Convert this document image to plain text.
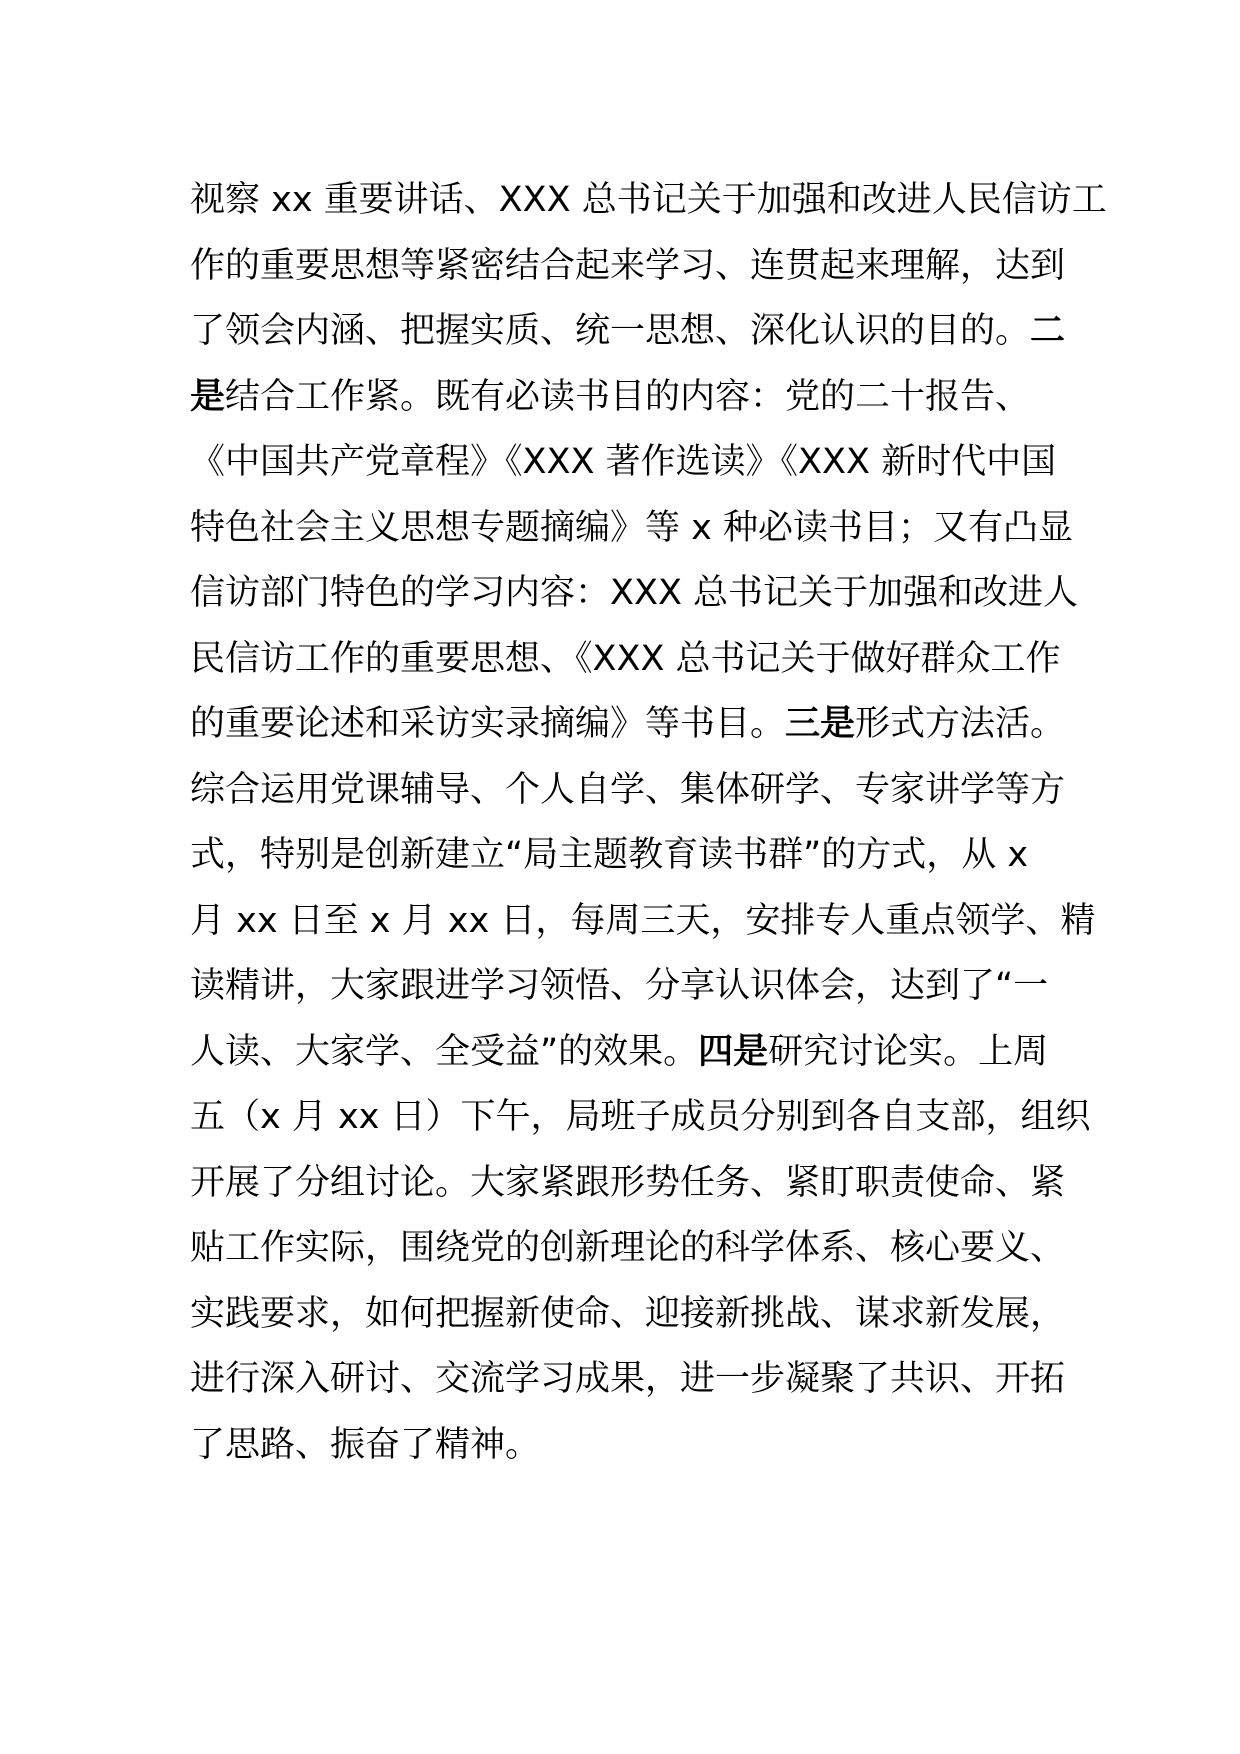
视察 xx 重要讲话、XXX 总书记关于加强和改进人民信访工
作的重要思想等紧密结合起来学习、连贯起来理解，达到
了领会内涵、把握实质、统一思想、深化认识的目的。二
是结合工作紧。既有必读书目的内容：党的二十报告、
《中国共产党章程》《XXX 著作选读》《XXX 新时代中国
特色社会主义思想专题摘编》等 x 种必读书目；又有凸显
信访部门特色的学习内容：XXX 总书记关于加强和改进人
民信访工作的重要思想、《XXX 总书记关于做好群众工作
的重要论述和采访实录摘编》等书目。三是形式方法活。
综合运用党课辅导、个人自学、集体研学、专家讲学等方
式，特别是创新建立“局主题教育读书群”的方式，从 x
月 xx 日至 x 月 xx 日，每周三天，安排专人重点领学、精
读精讲，大家跟进学习领悟、分享认识体会，达到了“一
人读、大家学、全受益”的效果。四是研究讨论实。上周
五（x 月 xx 日）下午，局班子成员分别到各自支部，组织
开展了分组讨论。大家紧跟形势任务、紧盯职责使命、紧
贴工作实际，围绕党的创新理论的科学体系、核心要义、
实践要求，如何把握新使命、迎接新挑战、谋求新发展，
进行深入研讨、交流学习成果，进一步凝聚了共识、开拓
了思路、振奋了精神。
